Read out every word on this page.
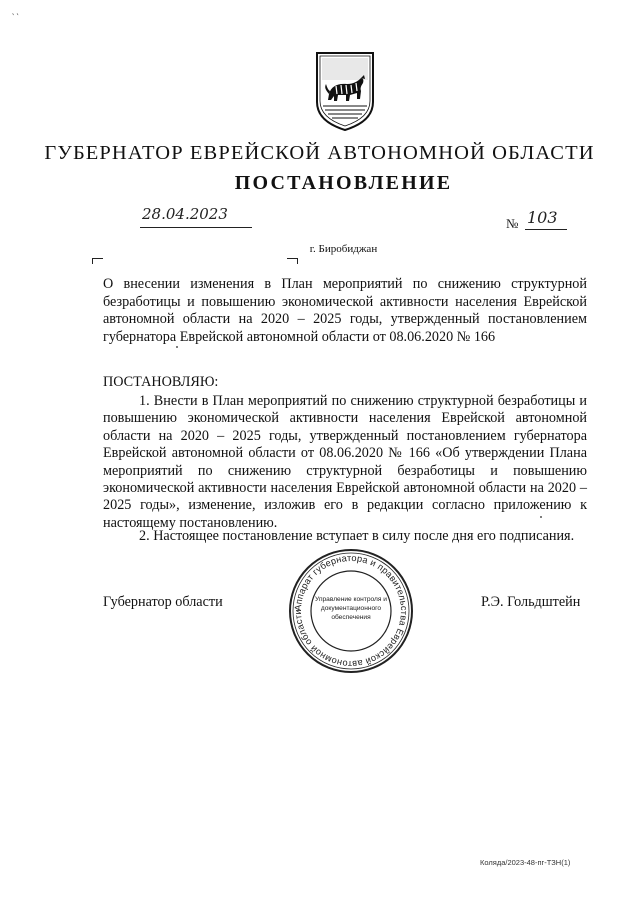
‵ ‵
ГУБЕРНАТОР ЕВРЕЙСКОЙ АВТОНОМНОЙ ОБЛАСТИ
ПОСТАНОВЛЕНИЕ
28.04.2023
№ 103
г. Биробиджан
О внесении изменения в План мероприятий по снижению структурной безработицы и повышению экономической активности населения Еврейской автономной области на 2020 – 2025 годы, утвержденный постановлением губернатора Еврейской автономной области от 08.06.2020 № 166
ПОСТАНОВЛЯЮ:
1. Внести в План мероприятий по снижению структурной безработицы и повышению экономической активности населения Еврейской автономной области на 2020 – 2025 годы, утвержденный постановлением губернатора Еврейской автономной области от 08.06.2020 № 166 «Об утверждении Плана мероприятий по снижению структурной безработицы и повышению экономической активности населения Еврейской автономной области на 2020 – 2025 годы», изменение, изложив его в редакции согласно приложению к настоящему постановлению.
2. Настоящее постановление вступает в силу после дня его подписания.
Губернатор области	Р.Э. Гольдштейн
Аппарат губернатора и правительства Еврейской автономной области
Управление контроля и
документационного
обеспечения
Коляда/2023-48-пг-ТЗН(1)
